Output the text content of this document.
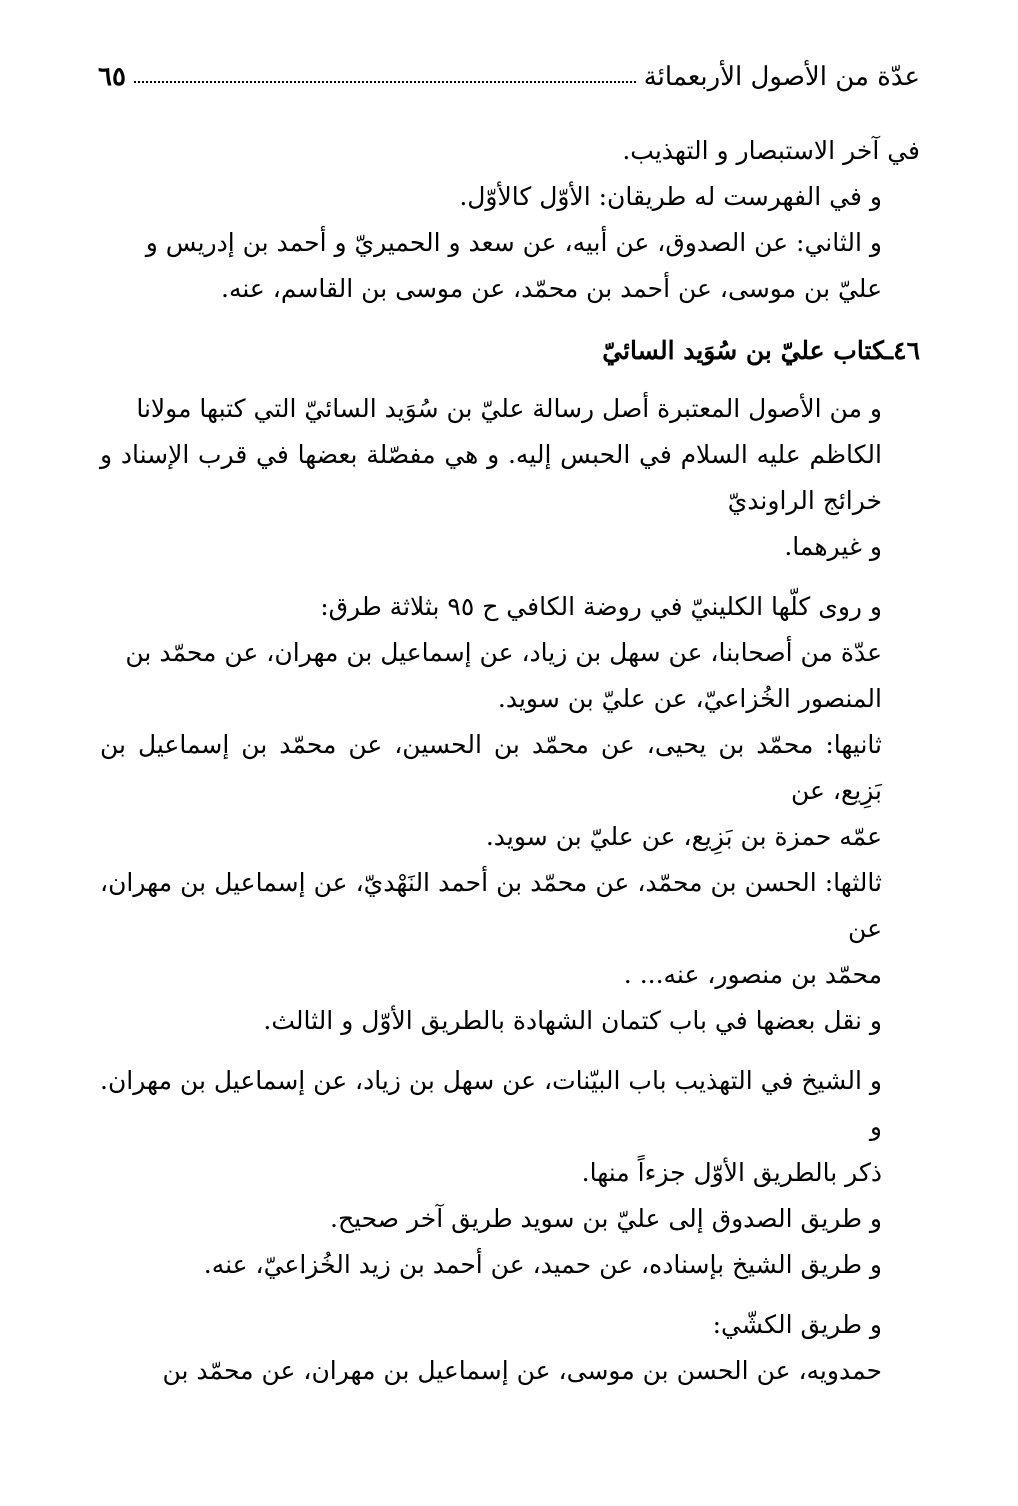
عدّة من الأصول الأربعمائة
٦٥

في آخر الاستبصار و التهذيب.

و في الفهرست له طريقان: الأوّل كالأوّل.

و الثاني: عن الصدوق، عن أبيه، عن سعد و الحميريّ و أحمد بن إدريس و
عليّ بن موسى، عن أحمد بن محمّد، عن موسى بن القاسم، عنه.

٤٦ـكتاب عليّ بن سُوَيد السائيّ

و من الأصول المعتبرة أصل رسالة عليّ بن سُوَيد السائيّ التي كتبها مولانا
الكاظم عليه السلام في الحبس إليه. و هي مفصّلة بعضها في قرب الإسناد و خرائج الراونديّ
و غيرهما.

و روى كلّها الكلينيّ في روضة الكافي ح ٩٥ بثلاثة طرق:

عدّة من أصحابنا، عن سهل بن زياد، عن إسماعيل بن مهران، عن محمّد بن
المنصور الخُزاعيّ، عن عليّ بن سويد.

ثانيها: محمّد بن يحيى، عن محمّد بن الحسين، عن محمّد بن إسماعيل بن بَزِيع، عن
عمّه حمزة بن بَزِيع، عن عليّ بن سويد.

ثالثها: الحسن بن محمّد، عن محمّد بن أحمد النَهْديّ، عن إسماعيل بن مهران، عن
محمّد بن منصور، عنه... .

و نقل بعضها في باب كتمان الشهادة بالطريق الأوّل و الثالث.

و الشيخ في التهذيب باب البيّنات، عن سهل بن زياد، عن إسماعيل بن مهران. و
ذكر بالطريق الأوّل جزءاً منها.

و طريق الصدوق إلى عليّ بن سويد طريق آخر صحيح.

و طريق الشيخ بإسناده، عن حميد، عن أحمد بن زيد الخُزاعيّ، عنه.

و طريق الكشّي:

حمدويه، عن الحسن بن موسى، عن إسماعيل بن مهران، عن محمّد بن
